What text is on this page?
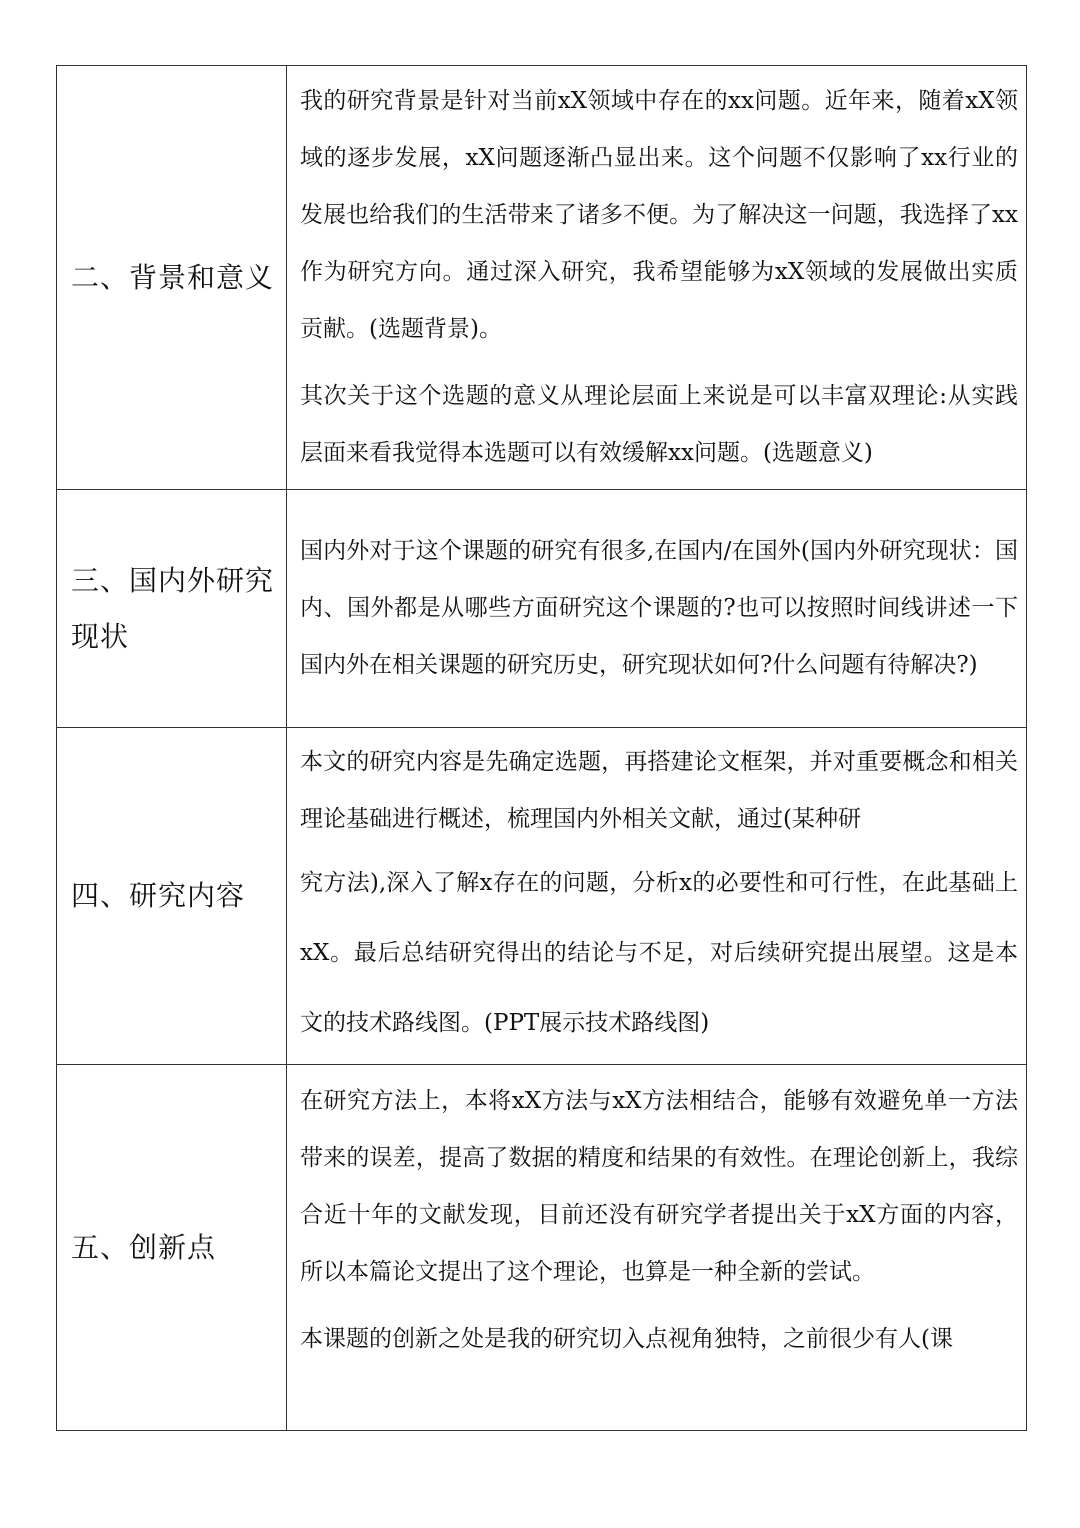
二、背景和意义	我的研究背景是针对当前xX领域中存在的xx问题。近年来，随着xX领域的逐步发展，xX问题逐渐凸显出来。这个问题不仅影响了xx行业的发展也给我们的生活带来了诸多不便。为了解决这一问题，我选择了xx作为研究方向。通过深入研究，我希望能够为xX领域的发展做出实质贡献。(选题背景)。

其次关于这个选题的意义从理论层面上来说是可以丰富双理论:从实践层面来看我觉得本选题可以有效缓解xx问题。(选题意义)

三、国内外研究现状	国内外对于这个课题的研究有很多,在国内/在国外(国内外研究现状：国内、国外都是从哪些方面研究这个课题的?也可以按照时间线讲述一下国内外在相关课题的研究历史，研究现状如何?什么问题有待解决?)

四、研究内容	本文的研究内容是先确定选题，再搭建论文框架，并对重要概念和相关理论基础进行概述，梳理国内外相关文献，通过(某种研

究方法),深入了解x存在的问题，分析x的必要性和可行性，在此基础上xX。最后总结研究得出的结论与不足，对后续研究提出展望。这是本文的技术路线图。(PPT展示技术路线图)

五、创新点	在研究方法上，本将xX方法与xX方法相结合，能够有效避免单一方法带来的误差，提高了数据的精度和结果的有效性。在理论创新上，我综合近十年的文献发现，目前还没有研究学者提出关于xX方面的内容，所以本篇论文提出了这个理论，也算是一种全新的尝试。

本课题的创新之处是我的研究切入点视角独特，之前很少有人(课
